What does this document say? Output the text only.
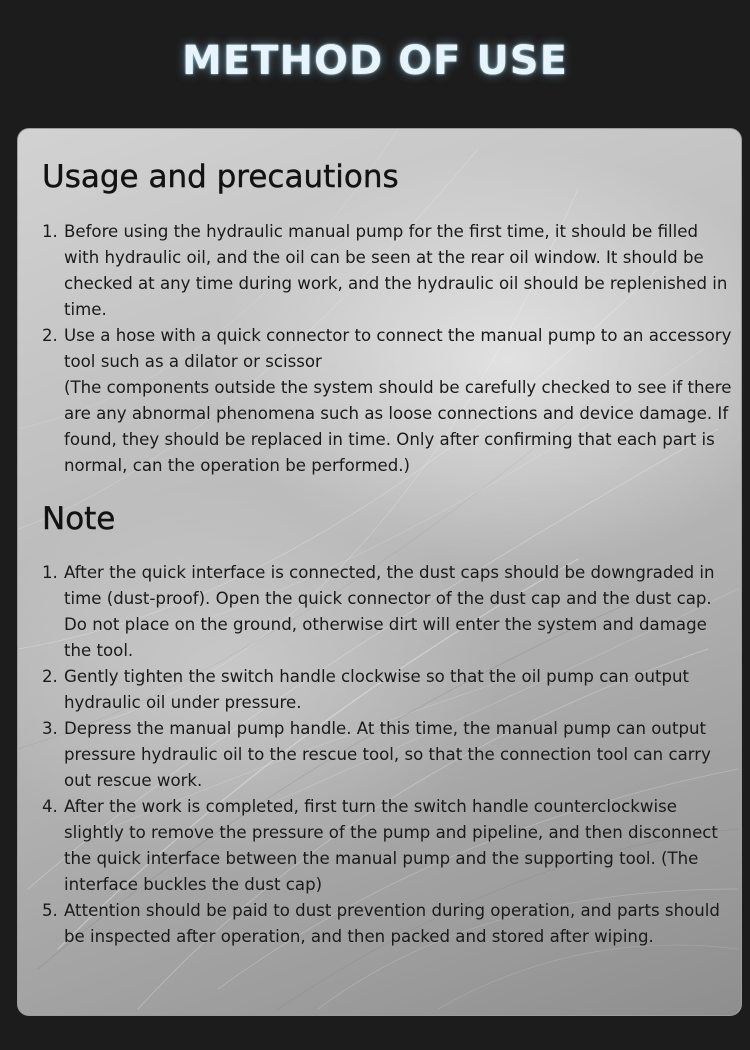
METHOD OF USE
Usage and precautions
1. Before using the hydraulic manual pump for the first time, it should be filled with hydraulic oil, and the oil can be seen at the rear oil window. It should be checked at any time during work, and the hydraulic oil should be replenished in time.
2. Use a hose with a quick connector to connect the manual pump to an accessory tool such as a dilator or scissor
(The components outside the system should be carefully checked to see if there are any abnormal phenomena such as loose connections and device damage. If found, they should be replaced in time. Only after confirming that each part is normal, can the operation be performed.)
Note
1. After the quick interface is connected, the dust caps should be downgraded in time (dust-proof). Open the quick connector of the dust cap and the dust cap. Do not place on the ground, otherwise dirt will enter the system and damage the tool.
2. Gently tighten the switch handle clockwise so that the oil pump can output hydraulic oil under pressure.
3. Depress the manual pump handle. At this time, the manual pump can output pressure hydraulic oil to the rescue tool, so that the connection tool can carry out rescue work.
4. After the work is completed, first turn the switch handle counterclockwise slightly to remove the pressure of the pump and pipeline, and then disconnect the quick interface between the manual pump and the supporting tool. (The interface buckles the dust cap)
5. Attention should be paid to dust prevention during operation, and parts should be inspected after operation, and then packed and stored after wiping.
